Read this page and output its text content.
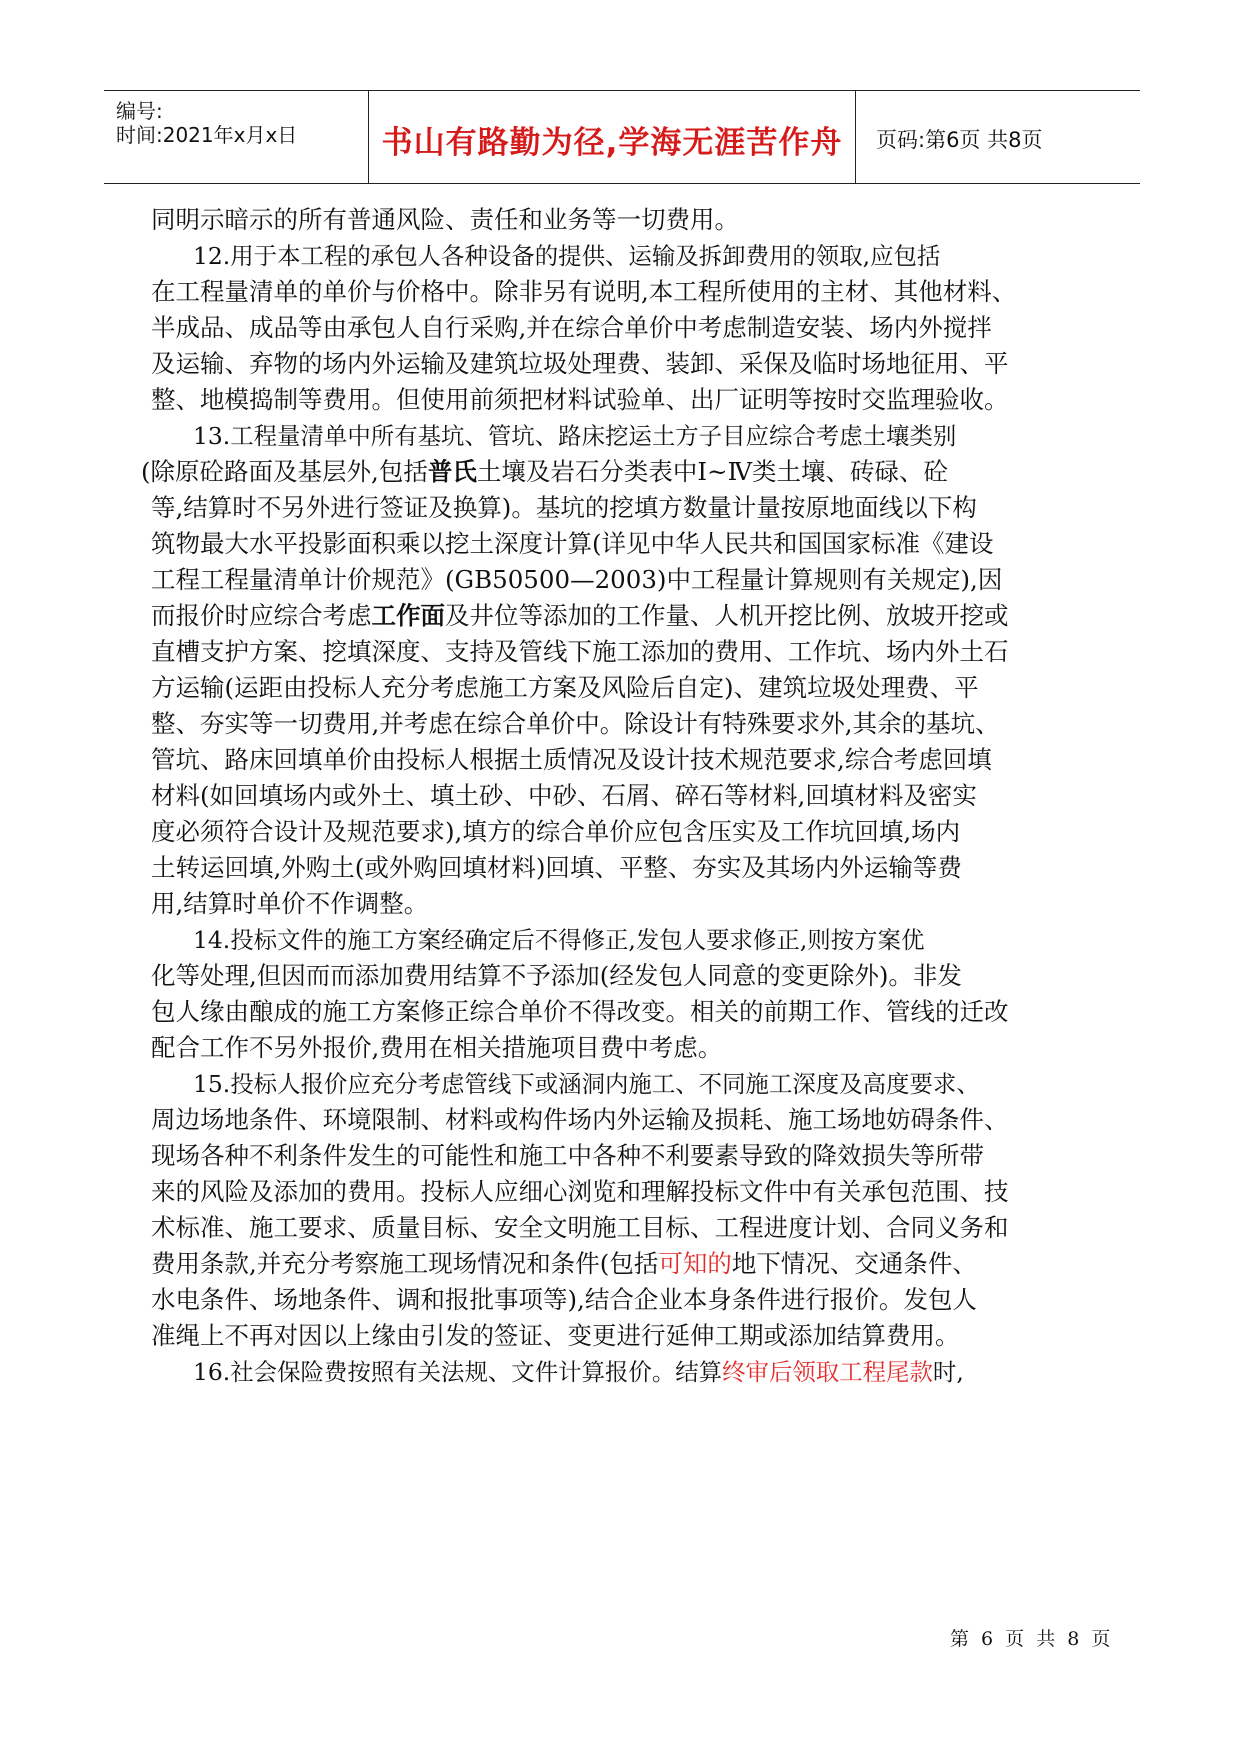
编号:
时间:2021年x月x日	书山有路勤为径,学海无涯苦作舟	页码:第6页 共8页
同明示暗示的所有普通风险、责任和业务等一切费用。
12.用于本工程的承包人各种设备的提供、运输及拆卸费用的领取,应包括
在工程量清单的单价与价格中。除非另有说明,本工程所使用的主材、其他材料、
半成品、成品等由承包人自行采购,并在综合单价中考虑制造安装、场内外搅拌
及运输、弃物的场内外运输及建筑垃圾处理费、装卸、采保及临时场地征用、平
整、地模捣制等费用。但使用前须把材料试验单、出厂证明等按时交监理验收。
13.工程量清单中所有基坑、管坑、路床挖运土方子目应综合考虑土壤类别
(除原砼路面及基层外,包括普氏土壤及岩石分类表中Ⅰ~Ⅳ类土壤、砖碌、砼
等,结算时不另外进行签证及换算)。基坑的挖填方数量计量按原地面线以下构
筑物最大水平投影面积乘以挖土深度计算(详见中华人民共和国国家标准《建设
工程工程量清单计价规范》(GB50500—2003)中工程量计算规则有关规定),因
而报价时应综合考虑工作面及井位等添加的工作量、人机开挖比例、放坡开挖或
直槽支护方案、挖填深度、支持及管线下施工添加的费用、工作坑、场内外土石
方运输(运距由投标人充分考虑施工方案及风险后自定)、建筑垃圾处理费、平
整、夯实等一切费用,并考虑在综合单价中。除设计有特殊要求外,其余的基坑、
管坑、路床回填单价由投标人根据土质情况及设计技术规范要求,综合考虑回填
材料(如回填场内或外土、填土砂、中砂、石屑、碎石等材料,回填材料及密实
度必须符合设计及规范要求),填方的综合单价应包含压实及工作坑回填,场内
土转运回填,外购土(或外购回填材料)回填、平整、夯实及其场内外运输等费
用,结算时单价不作调整。
14.投标文件的施工方案经确定后不得修正,发包人要求修正,则按方案优
化等处理,但因而而添加费用结算不予添加(经发包人同意的变更除外)。非发
包人缘由酿成的施工方案修正综合单价不得改变。相关的前期工作、管线的迁改
配合工作不另外报价,费用在相关措施项目费中考虑。
15.投标人报价应充分考虑管线下或涵洞内施工、不同施工深度及高度要求、
周边场地条件、环境限制、材料或构件场内外运输及损耗、施工场地妨碍条件、
现场各种不利条件发生的可能性和施工中各种不利要素导致的降效损失等所带
来的风险及添加的费用。投标人应细心浏览和理解投标文件中有关承包范围、技
术标准、施工要求、质量目标、安全文明施工目标、工程进度计划、合同义务和
费用条款,并充分考察施工现场情况和条件(包括可知的地下情况、交通条件、
水电条件、场地条件、调和报批事项等),结合企业本身条件进行报价。发包人
准绳上不再对因以上缘由引发的签证、变更进行延伸工期或添加结算费用。
16.社会保险费按照有关法规、文件计算报价。结算终审后领取工程尾款时,
第 6 页 共 8 页
